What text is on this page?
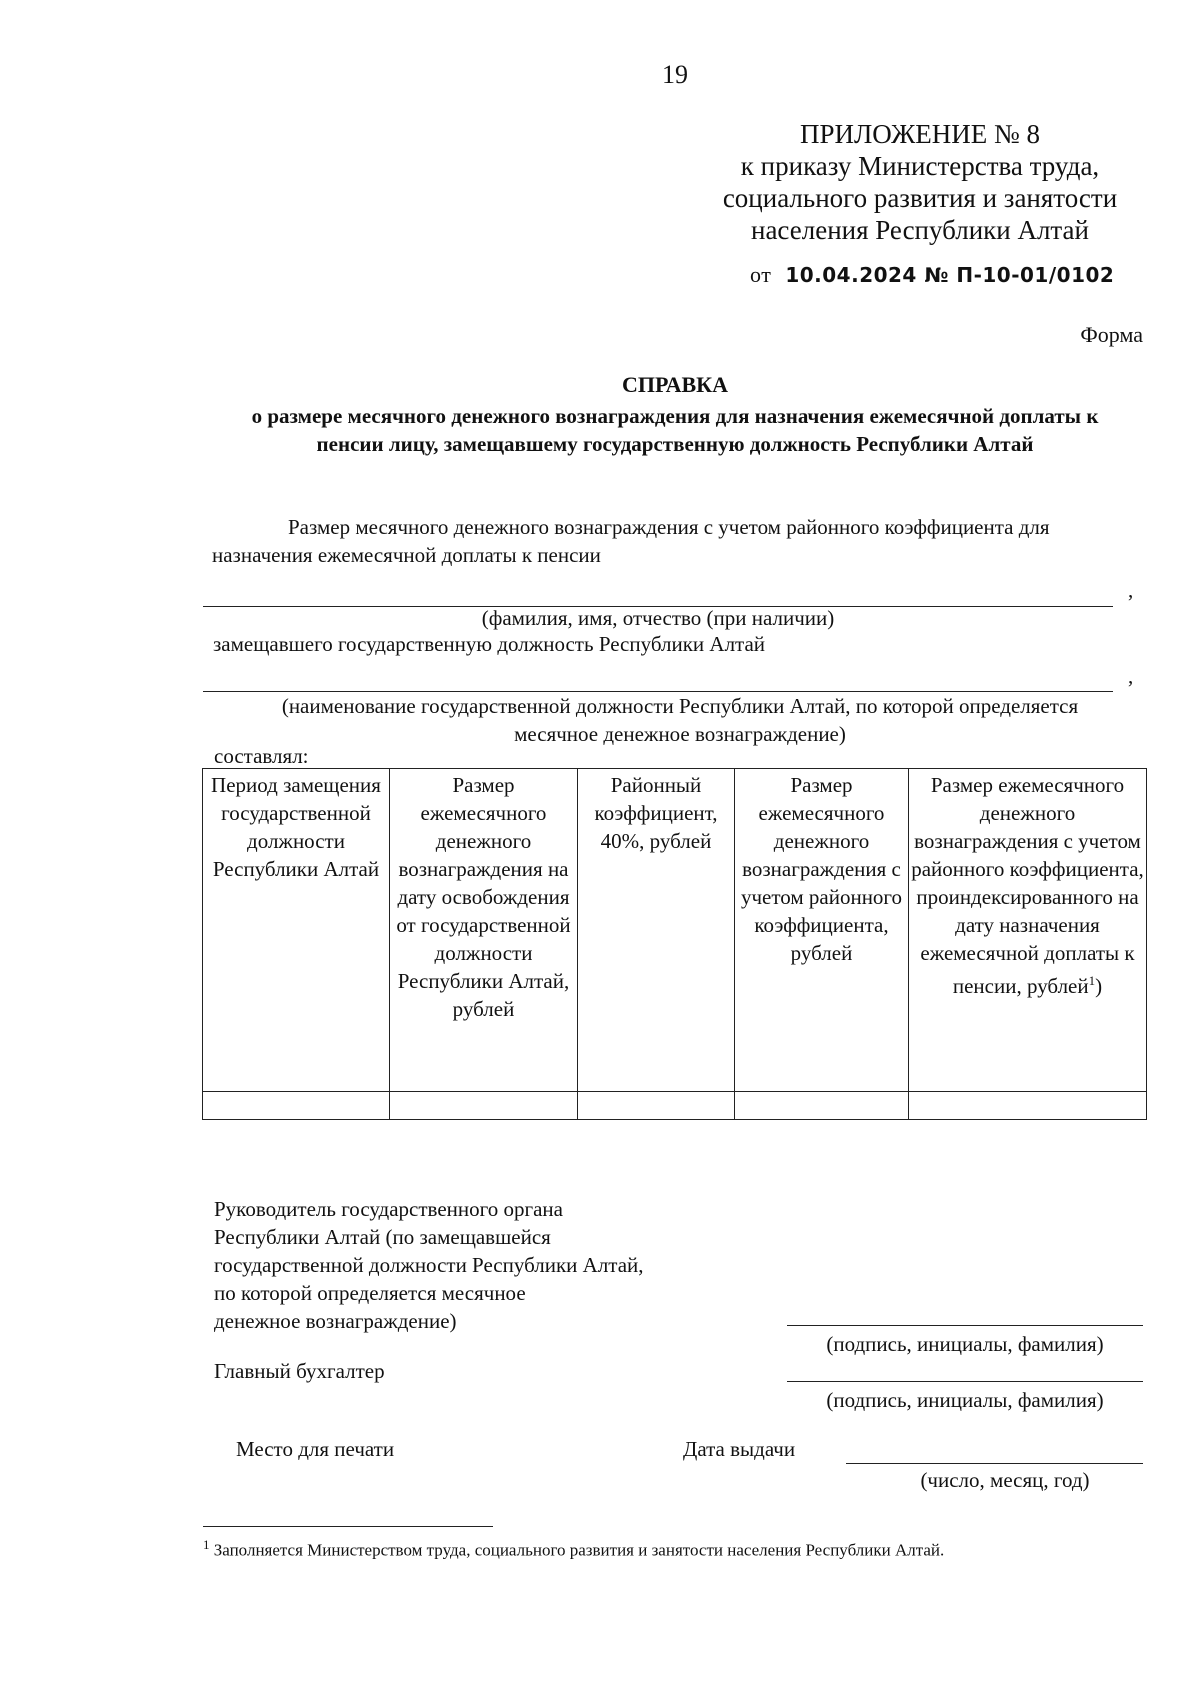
19
ПРИЛОЖЕНИЕ № 8
к приказу Министерства труда,
социального развития и занятости
населения Республики Алтай
от 10.04.2024 № П-10-01/0102
Форма
СПРАВКА
о размере месячного денежного вознаграждения для назначения ежемесячной доплаты к пенсии лицу, замещавшему государственную должность Республики Алтай
Размер месячного денежного вознаграждения с учетом районного коэффициента для назначения ежемесячной доплаты к пенсии
,
(фамилия, имя, отчество (при наличии)
замещавшего государственную должность Республики Алтай
,
(наименование государственной должности Республики Алтай, по которой определяется месячное денежное вознаграждение)
составлял:
Период замещения государственной должности Республики Алтай	Размер ежемесячного денежного вознаграждения на дату освобождения от государственной должности Республики Алтай, рублей	Районный коэффициент, 40%, рублей	Размер ежемесячного денежного вознаграждения с учетом районного коэффициента, рублей	Размер ежемесячного денежного вознаграждения с учетом районного коэффициента, проиндексированного на дату назначения ежемесячной доплаты к пенсии, рублей$^1$)

Руководитель государственного органа
Республики Алтай (по замещавшейся
государственной должности Республики Алтай,
по которой определяется месячное
денежное вознаграждение)
(подпись, инициалы, фамилия)
Главный бухгалтер
(подпись, инициалы, фамилия)
Место для печати	Дата выдачи
(число, месяц, год)
$^1$ Заполняется Министерством труда, социального развития и занятости населения Республики Алтай.
